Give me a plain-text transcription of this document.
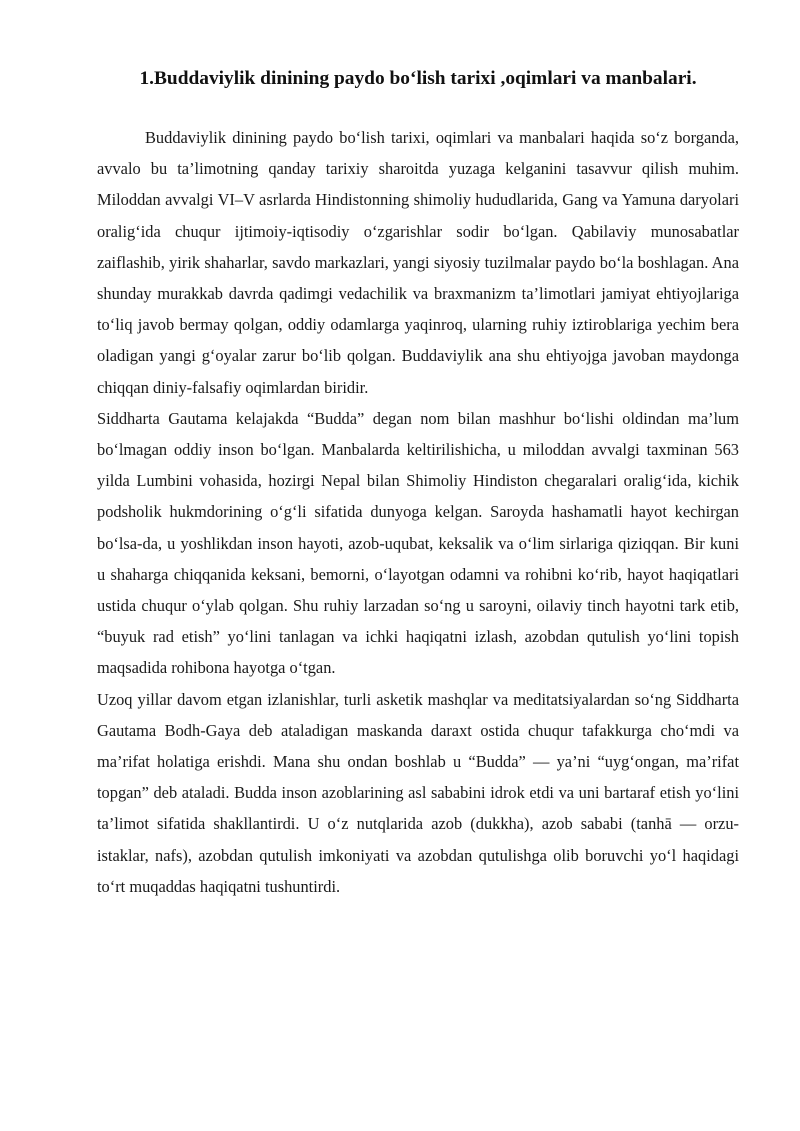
1.Buddaviylik dinining paydo bo‘lish tarixi ,oqimlari va manbalari.

Buddaviylik dinining paydo bo‘lish tarixi, oqimlari va manbalari haqida so‘z borganda, avvalo bu ta’limotning qanday tarixiy sharoitda yuzaga kelganini tasavvur qilish muhim. Miloddan avvalgi VI–V asrlarda Hindistonning shimoliy hududlarida, Gang va Yamuna daryolari oralig‘ida chuqur ijtimoiy-iqtisodiy o‘zgarishlar sodir bo‘lgan. Qabilaviy munosabatlar zaiflashib, yirik shaharlar, savdo markazlari, yangi siyosiy tuzilmalar paydo bo‘la boshlagan. Ana shunday murakkab davrda qadimgi vedachilik va braxmanizm ta’limotlari jamiyat ehtiyojlariga to‘liq javob bermay qolgan, oddiy odamlarga yaqinroq, ularning ruhiy iztiroblariga yechim bera oladigan yangi g‘oyalar zarur bo‘lib qolgan. Buddaviylik ana shu ehtiyojga javoban maydonga chiqqan diniy-falsafiy oqimlardan biridir.

Siddharta Gautama kelajakda “Budda” degan nom bilan mashhur bo‘lishi oldindan ma’lum bo‘lmagan oddiy inson bo‘lgan. Manbalarda keltirilishicha, u miloddan avvalgi taxminan 563 yilda Lumbini vohasida, hozirgi Nepal bilan Shimoliy Hindiston chegaralari oralig‘ida, kichik podsholik hukmdorining o‘g‘li sifatida dunyoga kelgan. Saroyda hashamatli hayot kechirgan bo‘lsa-da, u yoshlikdan inson hayoti, azob-uqubat, keksalik va o‘lim sirlariga qiziqqan. Bir kuni u shaharga chiqqanida keksani, bemorni, o‘layotgan odamni va rohibni ko‘rib, hayot haqiqatlari ustida chuqur o‘ylab qolgan. Shu ruhiy larzadan so‘ng u saroyni, oilaviy tinch hayotni tark etib, “buyuk rad etish” yo‘lini tanlagan va ichki haqiqatni izlash, azobdan qutulish yo‘lini topish maqsadida rohibona hayotga o‘tgan.

Uzoq yillar davom etgan izlanishlar, turli asketik mashqlar va meditatsiyalardan so‘ng Siddharta Gautama Bodh-Gaya deb ataladigan maskanda daraxt ostida chuqur tafakkurga cho‘mdi va ma’rifat holatiga erishdi. Mana shu ondan boshlab u “Budda” — ya’ni “uyg‘ongan, ma’rifat topgan” deb ataladi. Budda inson azoblarining asl sababini idrok etdi va uni bartaraf etish yo‘lini ta’limot sifatida shakllantirdi. U o‘z nutqlarida azob (dukkha), azob sababi (tanhā — orzu-istaklar, nafs), azobdan qutulish imkoniyati va azobdan qutulishga olib boruvchi yo‘l haqidagi to‘rt muqaddas haqiqatni tushuntirdi.
